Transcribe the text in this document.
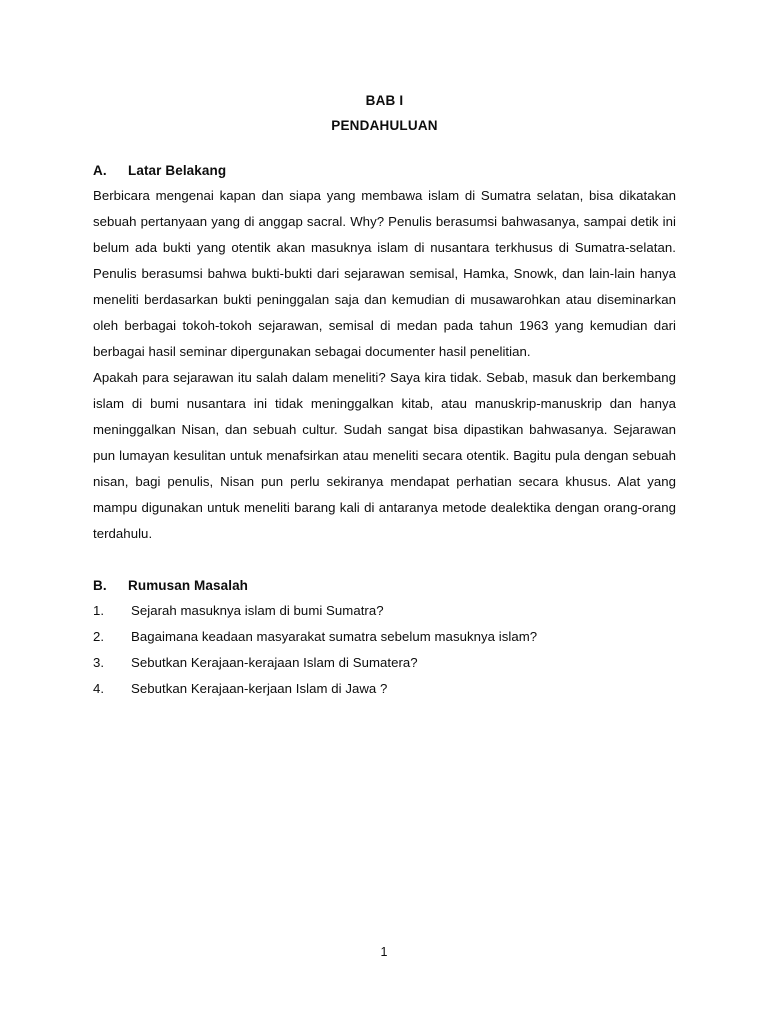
BAB I
PENDAHULUAN
A.	Latar Belakang

Berbicara mengenai kapan dan siapa yang membawa islam di Sumatra selatan, bisa dikatakan sebuah pertanyaan yang di anggap sacral. Why? Penulis berasumsi bahwasanya, sampai detik ini belum ada bukti yang otentik akan masuknya islam di nusantara terkhusus di Sumatra-selatan. Penulis berasumsi bahwa bukti-bukti dari sejarawan semisal, Hamka, Snowk, dan lain-lain hanya meneliti berdasarkan bukti peninggalan saja dan kemudian di musawarohkan atau diseminarkan oleh berbagai tokoh-tokoh sejarawan, semisal di medan pada tahun 1963 yang kemudian dari berbagai hasil seminar dipergunakan sebagai documenter hasil penelitian.

Apakah para sejarawan itu salah dalam meneliti? Saya kira tidak. Sebab, masuk dan berkembang islam di bumi nusantara ini tidak meninggalkan kitab, atau manuskrip-manuskrip dan hanya meninggalkan Nisan, dan sebuah cultur. Sudah sangat bisa dipastikan bahwasanya. Sejarawan pun lumayan kesulitan untuk menafsirkan atau meneliti secara otentik. Bagitu pula dengan sebuah nisan, bagi penulis, Nisan pun perlu sekiranya mendapat perhatian secara khusus. Alat yang mampu digunakan untuk meneliti barang kali di antaranya metode dealektika dengan orang-orang terdahulu.

B.	Rumusan Masalah
1.	Sejarah masuknya islam di bumi Sumatra?
2.	Bagaimana keadaan masyarakat sumatra sebelum masuknya islam?
3.	Sebutkan Kerajaan-kerajaan Islam di Sumatera?
4.	Sebutkan Kerajaan-kerjaan Islam di Jawa ?
1
